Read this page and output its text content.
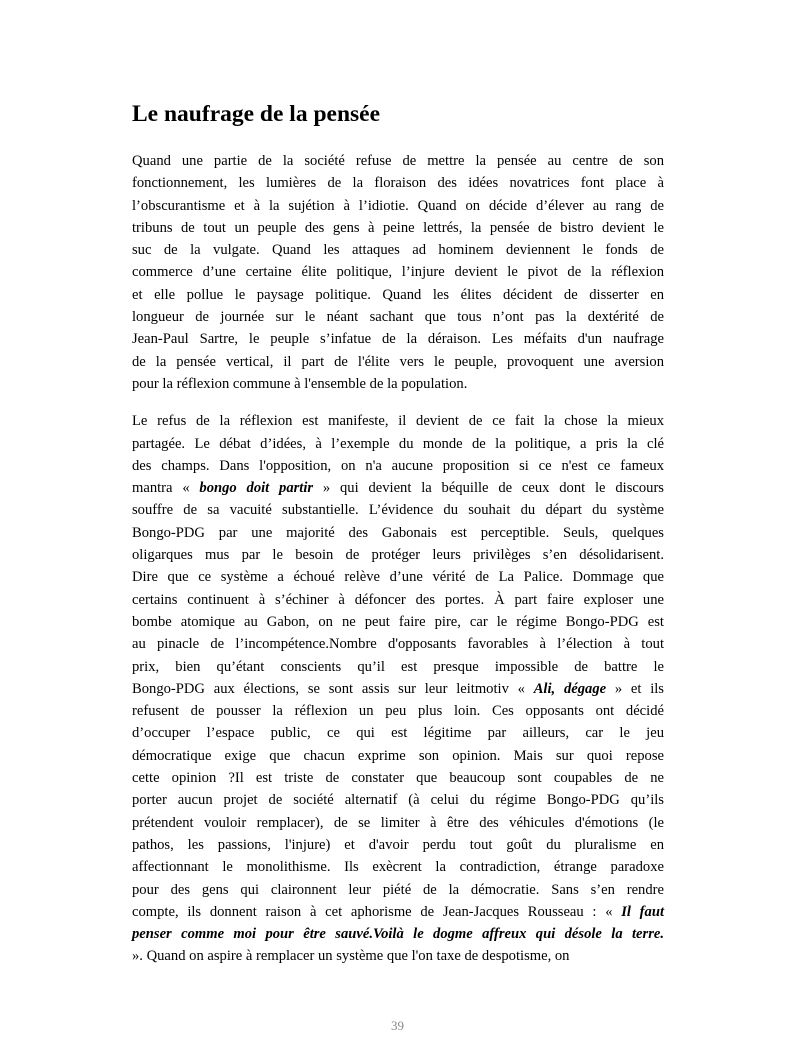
Le naufrage de la pensée

Quand une partie de la société refuse de mettre la pensée au centre de son
fonctionnement, les lumières de la floraison des idées novatrices font place à
l’obscurantisme et à la sujétion à l’idiotie. Quand on décide d’élever au rang de
tribuns de tout un peuple des gens à peine lettrés, la pensée de bistro devient le
suc de la vulgate. Quand les attaques ad hominem deviennent le fonds de
commerce d’une certaine élite politique, l’injure devient le pivot de la réflexion
et elle pollue le paysage politique. Quand les élites décident de disserter en
longueur de journée sur le néant sachant que tous n’ont pas la dextérité de
Jean-Paul Sartre, le peuple s’infatue de la déraison. Les méfaits d'un naufrage
de la pensée vertical, il part de l'élite vers le peuple, provoquent une aversion
pour la réflexion commune à l'ensemble de la population.

Le refus de la réflexion est manifeste, il devient de ce fait la chose la mieux
partagée. Le débat d’idées, à l’exemple du monde de la politique, a pris la clé
des champs. Dans l'opposition, on n'a aucune proposition si ce n'est ce fameux
mantra « bongo doit partir » qui devient la béquille de ceux dont le discours
souffre de sa vacuité substantielle. L’évidence du souhait du départ du système
Bongo-PDG par une majorité des Gabonais est perceptible. Seuls, quelques
oligarques mus par le besoin de protéger leurs privilèges s’en désolidarisent.
Dire que ce système a échoué relève d’une vérité de La Palice. Dommage que
certains continuent à s’échiner à défoncer des portes. À part faire exploser une
bombe atomique au Gabon, on ne peut faire pire, car le régime Bongo-PDG est
au pinacle de l’incompétence.Nombre d'opposants favorables à l’élection à tout
prix, bien qu’étant conscients qu’il est presque impossible de battre le
Bongo-PDG aux élections, se sont assis sur leur leitmotiv « Ali, dégage » et ils
refusent de pousser la réflexion un peu plus loin. Ces opposants ont décidé
d’occuper l’espace public, ce qui est légitime par ailleurs, car le jeu
démocratique exige que chacun exprime son opinion. Mais sur quoi repose
cette opinion ?Il est triste de constater que beaucoup sont coupables de ne
porter aucun projet de société alternatif (à celui du régime Bongo-PDG qu’ils
prétendent vouloir remplacer), de se limiter à être des véhicules d'émotions (le
pathos, les passions, l'injure) et d'avoir perdu tout goût du pluralisme en
affectionnant le monolithisme. Ils exècrent la contradiction, étrange paradoxe
pour des gens qui claironnent leur piété de la démocratie. Sans s’en rendre
compte, ils donnent raison à cet aphorisme de Jean-Jacques Rousseau : « Il faut
penser comme moi pour être sauvé.Voilà le dogme affreux qui désole la terre.
». Quand on aspire à remplacer un système que l'on taxe de despotisme, on

39
